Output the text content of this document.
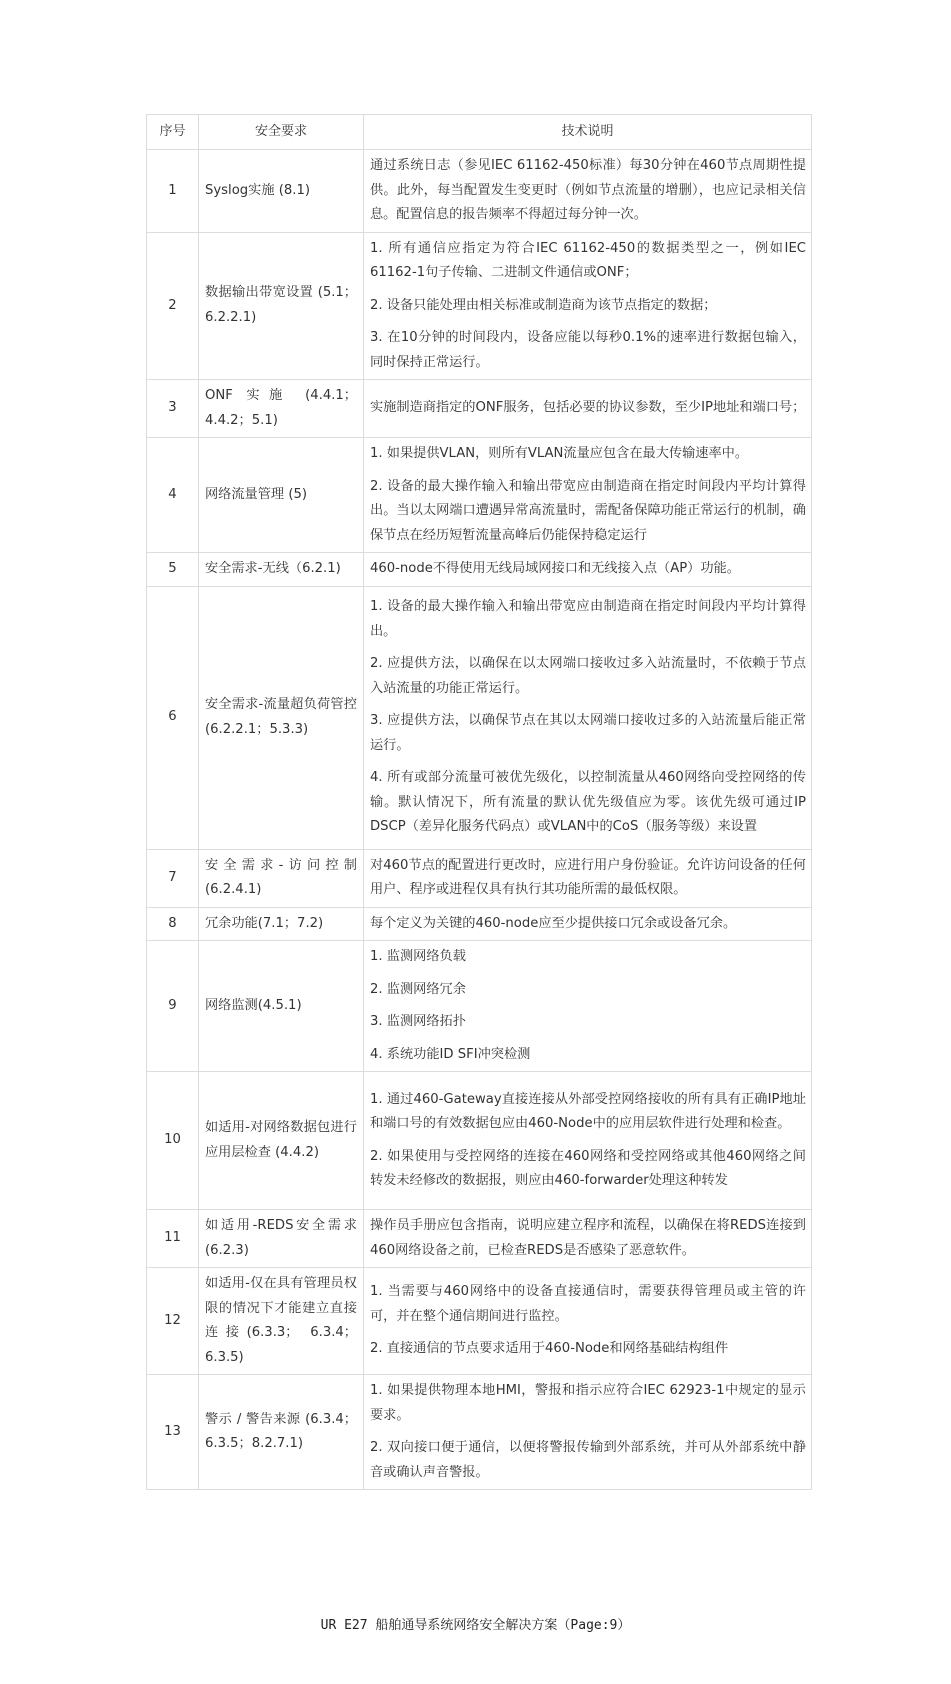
序号	安全要求	技术说明
1	Syslog实施 (8.1)	通过系统日志（参见IEC 61162-450标准）每30分钟在460节点周期性提供。此外，每当配置发生变更时（例如节点流量的增删），也应记录相关信息。配置信息的报告频率不得超过每分钟一次。

2	数据输出带宽设置 (5.1；6.2.2.1)	1. 所有通信应指定为符合IEC 61162-450的数据类型之一，例如IEC 61162-1句子传输、二进制文件通信或ONF；

2. 设备只能处理由相关标准或制造商为该节点指定的数据；

3. 在10分钟的时间段内，设备应能以每秒0.1%的速率进行数据包输入，同时保持正常运行。

3	ONF 实施 (4.4.1；4.4.2；5.1)	实施制造商指定的ONF服务，包括必要的协议参数，至少IP地址和端口号；

4	网络流量管理 (5)	1. 如果提供VLAN，则所有VLAN流量应包含在最大传输速率中。

2. 设备的最大操作输入和输出带宽应由制造商在指定时间段内平均计算得出。当以太网端口遭遇异常高流量时，需配备保障功能正常运行的机制，确保节点在经历短暂流量高峰后仍能保持稳定运行

5	安全需求-无线（6.2.1)	460-node不得使用无线局域网接口和无线接入点（AP）功能。

6	安全需求-流量超负荷管控 (6.2.2.1；5.3.3)	1. 设备的最大操作输入和输出带宽应由制造商在指定时间段内平均计算得出。

2. 应提供方法，以确保在以太网端口接收过多入站流量时，不依赖于节点入站流量的功能正常运行。

3. 应提供方法，以确保节点在其以太网端口接收过多的入站流量后能正常运行。

4. 所有或部分流量可被优先级化，以控制流量从460网络向受控网络的传输。默认情况下，所有流量的默认优先级值应为零。该优先级可通过IP DSCP（差异化服务代码点）或VLAN中的CoS（服务等级）来设置

7	安全需求-访问控制(6.2.4.1)	对460节点的配置进行更改时，应进行用户身份验证。允许访问设备的任何用户、程序或进程仅具有执行其功能所需的最低权限。

8	冗余功能(7.1；7.2)	每个定义为关键的460-node应至少提供接口冗余或设备冗余。

9	网络监测(4.5.1)	1. 监测网络负载

2. 监测网络冗余

3. 监测网络拓扑

4. 系统功能ID SFI冲突检测

10	如适用-对网络数据包进行应用层检查 (4.4.2)	1. 通过460-Gateway直接连接从外部受控网络接收的所有具有正确IP地址和端口号的有效数据包应由460-Node中的应用层软件进行处理和检查。

2. 如果使用与受控网络的连接在460网络和受控网络或其他460网络之间转发未经修改的数据报，则应由460-forwarder处理这种转发

11	如适用-REDS安全需求 (6.2.3)	操作员手册应包含指南，说明应建立程序和流程，以确保在将REDS连接到460网络设备之前，已检查REDS是否感染了恶意软件。

12	如适用-仅在具有管理员权限的情况下才能建立直接连接(6.3.3； 6.3.4；6.3.5)	1. 当需要与460网络中的设备直接通信时，需要获得管理员或主管的许可，并在整个通信期间进行监控。

2. 直接通信的节点要求适用于460-Node和网络基础结构组件

13	警示 / 警告来源 (6.3.4； 6.3.5；8.2.7.1)	1. 如果提供物理本地HMI，警报和指示应符合IEC 62923-1中规定的显示要求。

2. 双向接口便于通信，以便将警报传输到外部系统，并可从外部系统中静音或确认声音警报。

UR E27 船舶通导系统网络安全解决方案（Page:9）
